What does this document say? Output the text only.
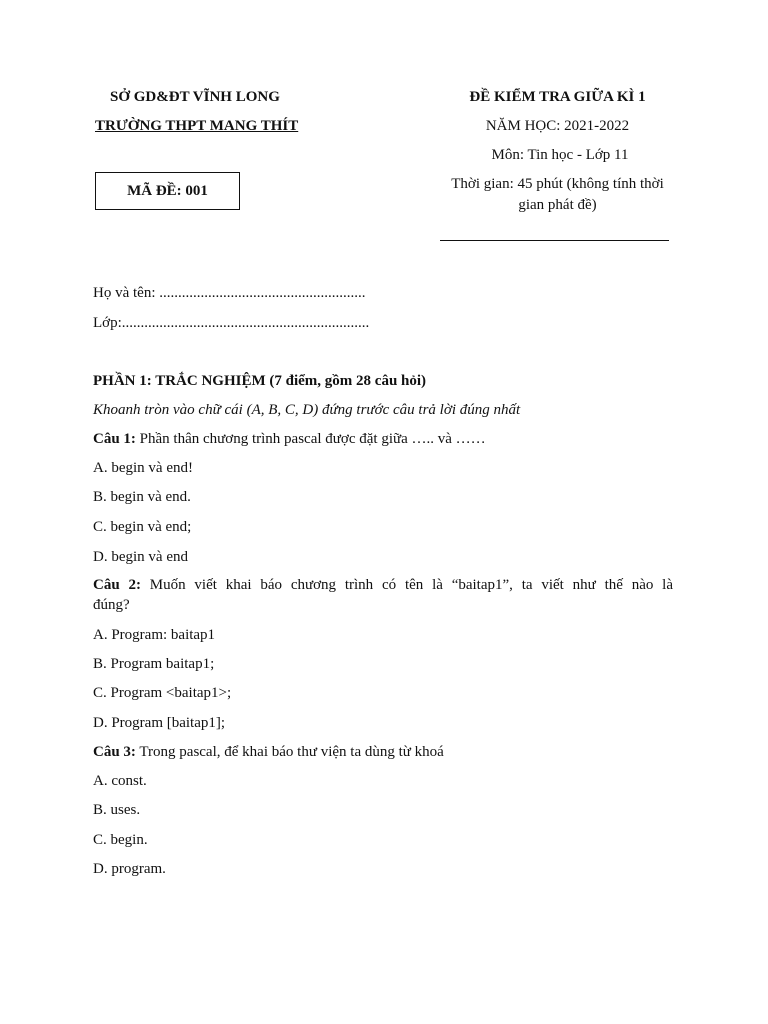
SỞ GD&ĐT VĨNH LONG
TRƯỜNG THPT MANG THÍT
MÃ ĐỀ: 001
ĐỀ KIỂM TRA GIỮA KÌ 1
NĂM HỌC: 2021-2022
Môn: Tin học - Lớp 11
Thời gian: 45 phút (không tính thời
gian phát đề)
Họ và tên: .......................................................
Lớp:..................................................................
PHẦN 1: TRẮC NGHIỆM (7 điểm, gồm 28 câu hỏi)
Khoanh tròn vào chữ cái (A, B, C, D) đứng trước câu trả lời đúng nhất
Câu 1: Phần thân chương trình pascal được đặt giữa ….. và ……
A. begin và end!
B. begin và end.
C. begin và end;
D. begin và end
Câu 2: Muốn viết khai báo chương trình có tên là “baitap1”, ta viết như thế nào là
đúng?
A. Program: baitap1
B. Program baitap1;
C. Program <baitap1>;
D. Program [baitap1];
Câu 3: Trong pascal, để khai báo thư viện ta dùng từ khoá
A. const.
B. uses.
C. begin.
D. program.
